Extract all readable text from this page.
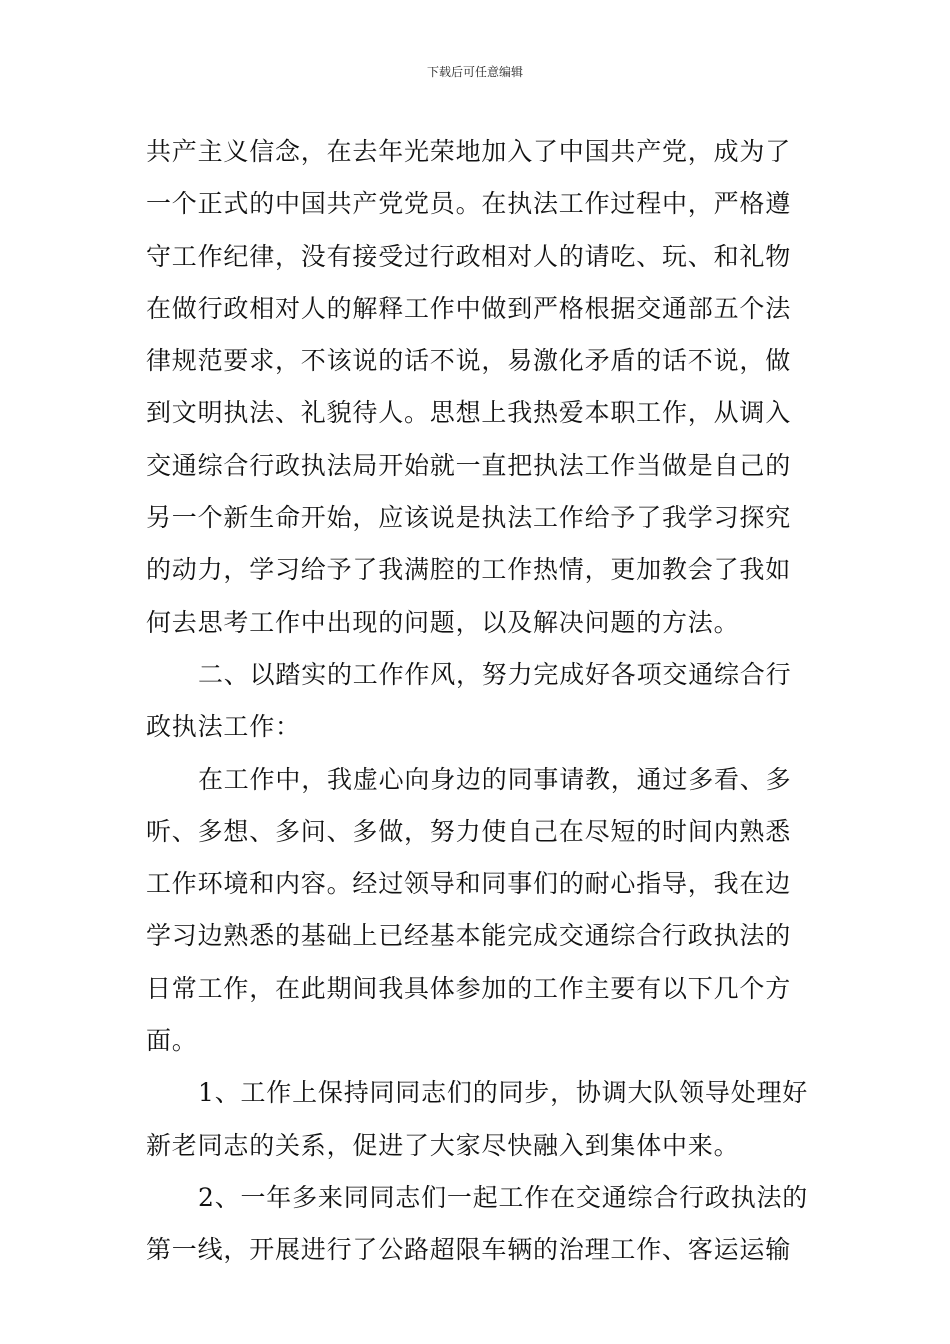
下载后可任意编辑
共产主义信念，在去年光荣地加入了中国共产党，成为了
一个正式的中国共产党党员。在执法工作过程中，严格遵
守工作纪律，没有接受过行政相对人的请吃、玩、和礼物
在做行政相对人的解释工作中做到严格根据交通部五个法
律规范要求，不该说的话不说，易激化矛盾的话不说，做
到文明执法、礼貌待人。思想上我热爱本职工作，从调入
交通综合行政执法局开始就一直把执法工作当做是自己的
另一个新生命开始，应该说是执法工作给予了我学习探究
的动力，学习给予了我满腔的工作热情，更加教会了我如
何去思考工作中出现的问题，以及解决问题的方法。
二、以踏实的工作作风，努力完成好各项交通综合行
政执法工作：
在工作中，我虚心向身边的同事请教，通过多看、多
听、多想、多问、多做，努力使自己在尽短的时间内熟悉
工作环境和内容。经过领导和同事们的耐心指导，我在边
学习边熟悉的基础上已经基本能完成交通综合行政执法的
日常工作，在此期间我具体参加的工作主要有以下几个方
面。
1、工作上保持同同志们的同步，协调大队领导处理好
新老同志的关系，促进了大家尽快融入到集体中来。
2、一年多来同同志们一起工作在交通综合行政执法的
第一线，开展进行了公路超限车辆的治理工作、客运运输
